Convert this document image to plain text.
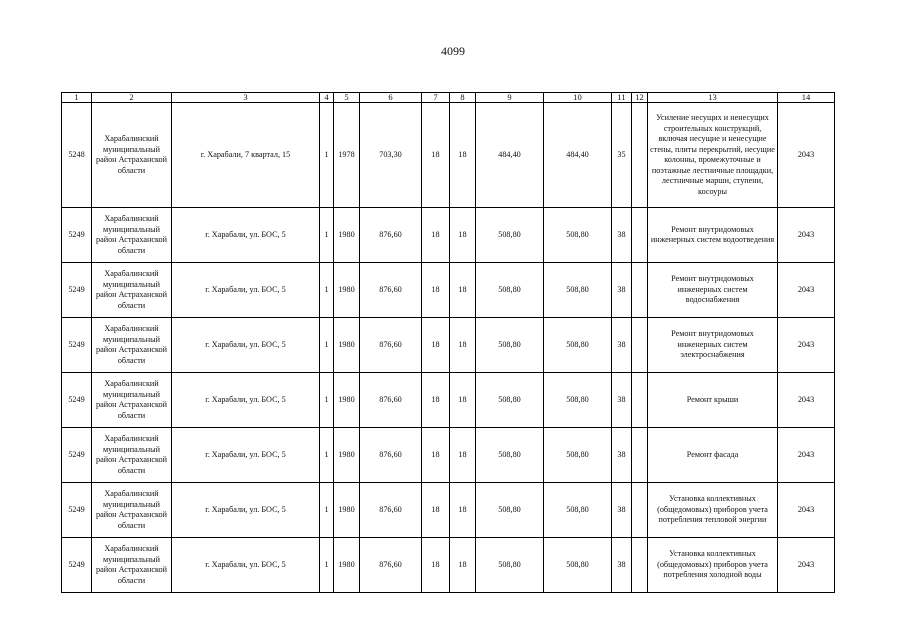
4099
1	2	3	4	5	6	7	8	9	10	11	12	13	14
5248	Харабалинский муниципальный район Астраханской области	г. Харабали, 7 квартал, 15	1	1978	703,30	18	18	484,40	484,40	35		Усиление несущих и ненесущих строительных конструкций, включая несущие и ненесущие стены, плиты перекрытий, несущие колонны, промежуточные и поэтажные лестничные площадки, лестничные марши, ступени, косоуры	2043
5249	Харабалинский муниципальный район Астраханской области	г. Харабали, ул. БОС, 5	1	1980	876,60	18	18	508,80	508,80	38		Ремонт внутридомовых инженерных систем водоотведения	2043
5249	Харабалинский муниципальный район Астраханской области	г. Харабали, ул. БОС, 5	1	1980	876,60	18	18	508,80	508,80	38		Ремонт внутридомовых инженерных систем водоснабжения	2043
5249	Харабалинский муниципальный район Астраханской области	г. Харабали, ул. БОС, 5	1	1980	876,60	18	18	508,80	508,80	38		Ремонт внутридомовых инженерных систем электроснабжения	2043
5249	Харабалинский муниципальный район Астраханской области	г. Харабали, ул. БОС, 5	1	1980	876,60	18	18	508,80	508,80	38		Ремонт крыши	2043
5249	Харабалинский муниципальный район Астраханской области	г. Харабали, ул. БОС, 5	1	1980	876,60	18	18	508,80	508,80	38		Ремонт фасада	2043
5249	Харабалинский муниципальный район Астраханской области	г. Харабали, ул. БОС, 5	1	1980	876,60	18	18	508,80	508,80	38		Установка коллективных (общедомовых) приборов учета потребления тепловой энергии	2043
5249	Харабалинский муниципальный район Астраханской области	г. Харабали, ул. БОС, 5	1	1980	876,60	18	18	508,80	508,80	38		Установка коллективных (общедомовых) приборов учета потребления холодной воды	2043
